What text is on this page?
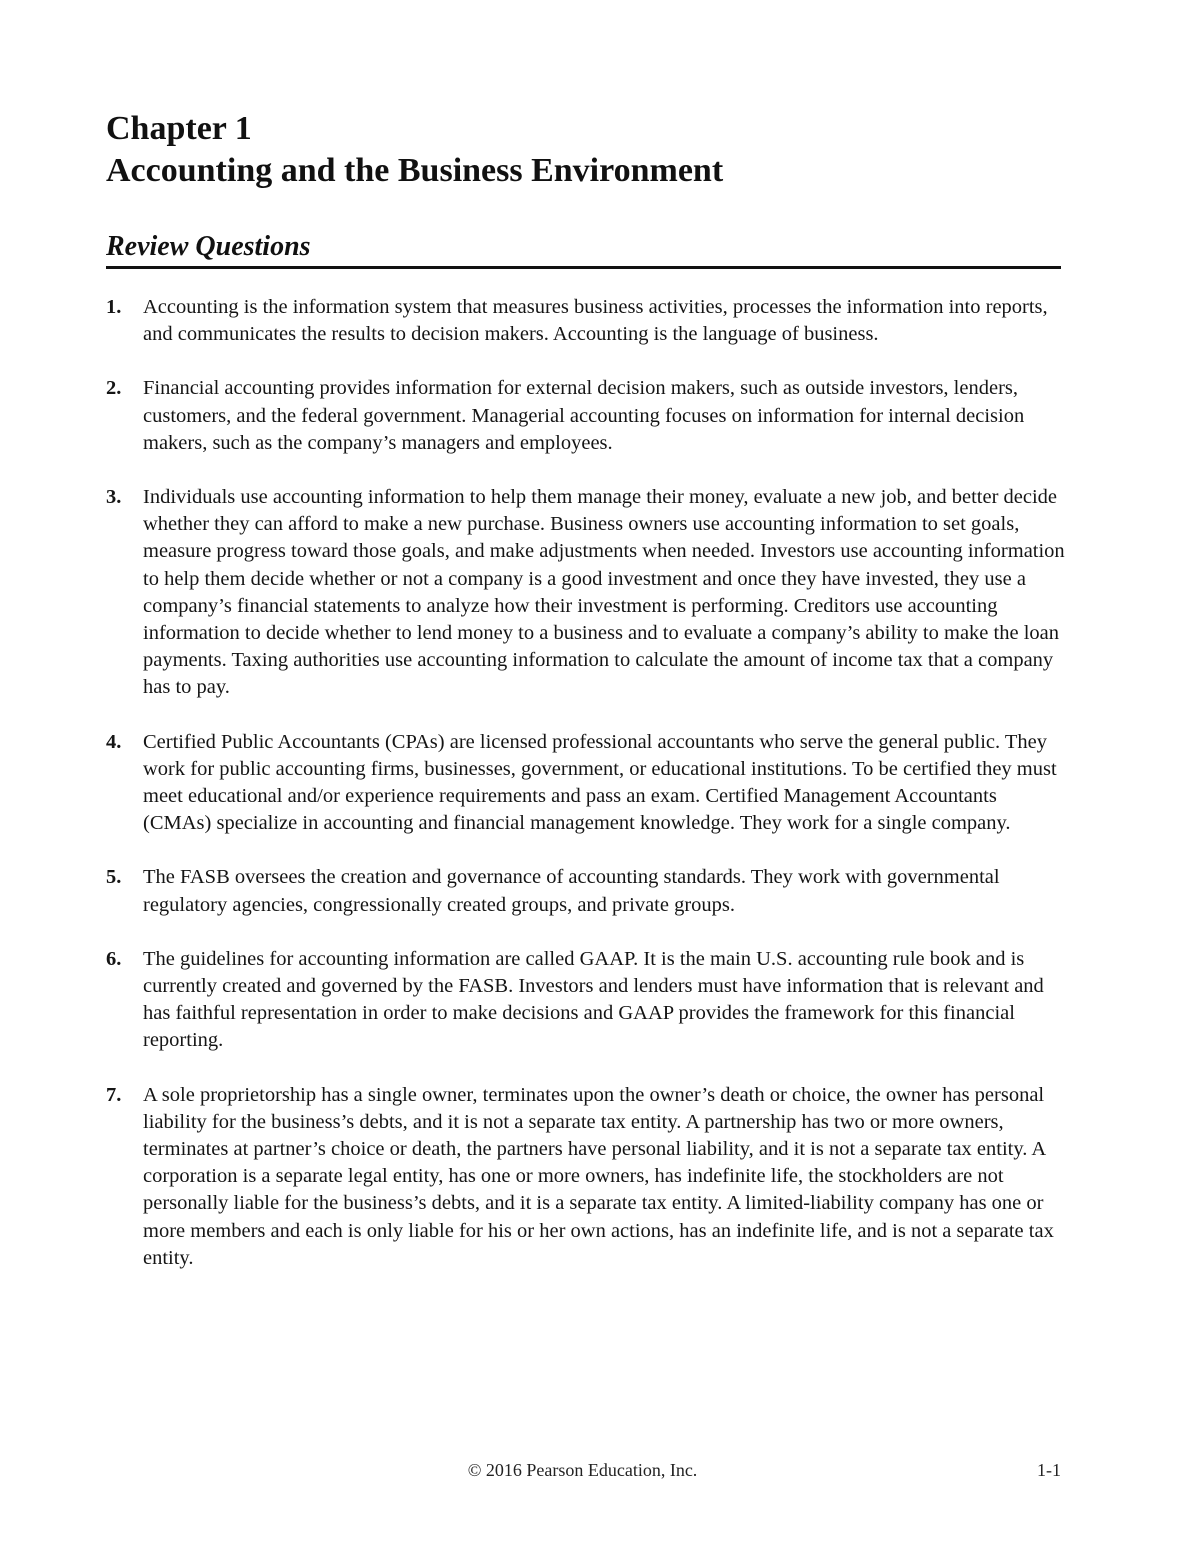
Chapter 1
Accounting and the Business Environment
Review Questions
1. Accounting is the information system that measures business activities, processes the information into reports, and communicates the results to decision makers. Accounting is the language of business.
2. Financial accounting provides information for external decision makers, such as outside investors, lenders, customers, and the federal government. Managerial accounting focuses on information for internal decision makers, such as the company’s managers and employees.
3. Individuals use accounting information to help them manage their money, evaluate a new job, and better decide whether they can afford to make a new purchase. Business owners use accounting information to set goals, measure progress toward those goals, and make adjustments when needed. Investors use accounting information to help them decide whether or not a company is a good investment and once they have invested, they use a company’s financial statements to analyze how their investment is performing. Creditors use accounting information to decide whether to lend money to a business and to evaluate a company’s ability to make the loan payments. Taxing authorities use accounting information to calculate the amount of income tax that a company has to pay.
4. Certified Public Accountants (CPAs) are licensed professional accountants who serve the general public. They work for public accounting firms, businesses, government, or educational institutions. To be certified they must meet educational and/or experience requirements and pass an exam. Certified Management Accountants (CMAs) specialize in accounting and financial management knowledge. They work for a single company.
5. The FASB oversees the creation and governance of accounting standards. They work with governmental regulatory agencies, congressionally created groups, and private groups.
6. The guidelines for accounting information are called GAAP. It is the main U.S. accounting rule book and is currently created and governed by the FASB. Investors and lenders must have information that is relevant and has faithful representation in order to make decisions and GAAP provides the framework for this financial reporting.
7. A sole proprietorship has a single owner, terminates upon the owner’s death or choice, the owner has personal liability for the business’s debts, and it is not a separate tax entity. A partnership has two or more owners, terminates at partner’s choice or death, the partners have personal liability, and it is not a separate tax entity. A corporation is a separate legal entity, has one or more owners, has indefinite life, the stockholders are not personally liable for the business’s debts, and it is a separate tax entity. A limited-liability company has one or more members and each is only liable for his or her own actions, has an indefinite life, and is not a separate tax entity.
© 2016 Pearson Education, Inc.	1-1
